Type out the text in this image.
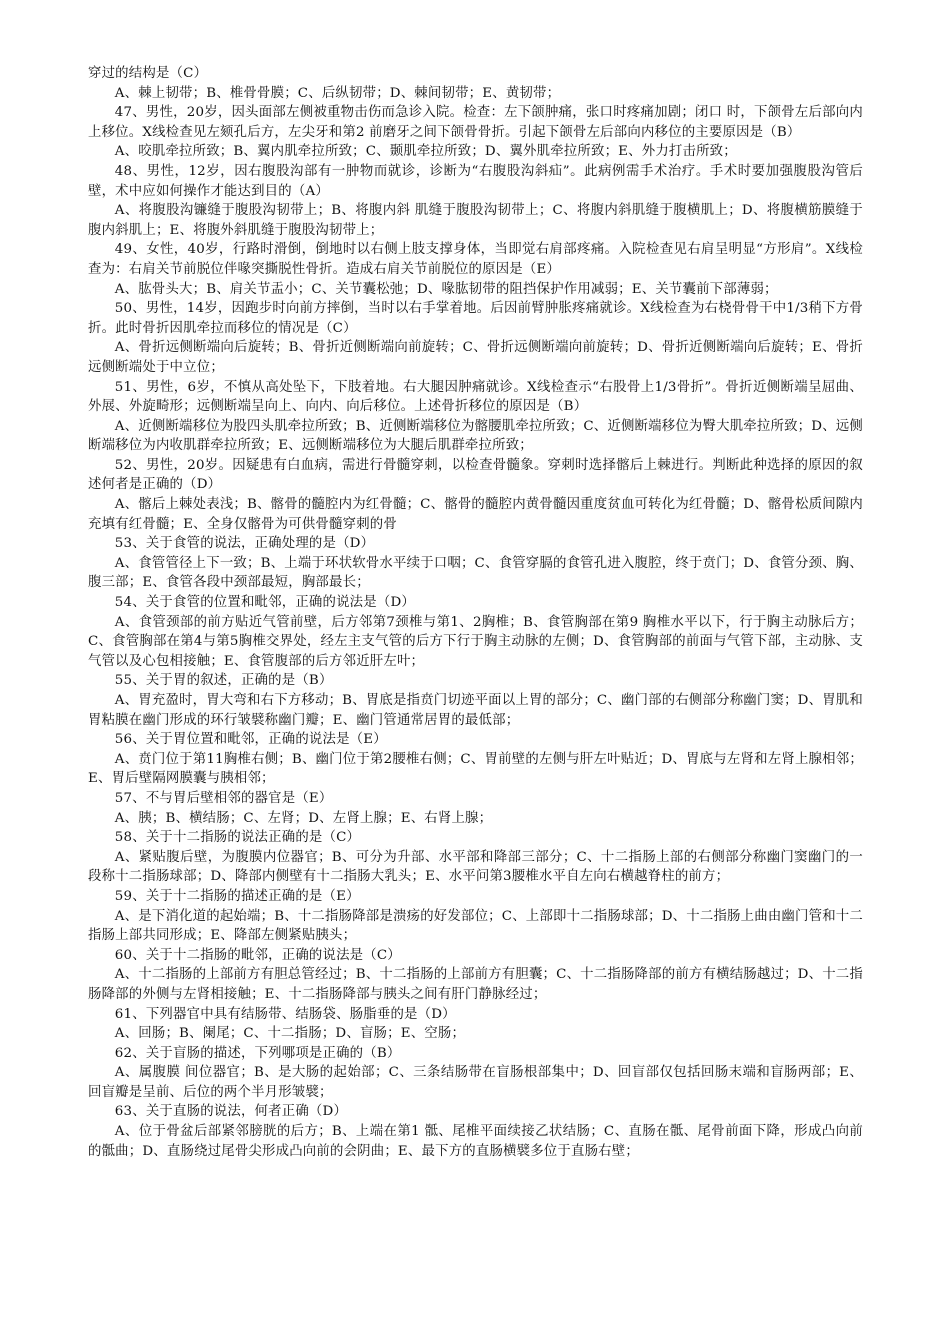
穿过的结构是（C）

A、棘上韧带；B、椎骨骨膜；C、后纵韧带；D、棘间韧带；E、黄韧带；

47、男性，20岁，因头面部左侧被重物击伤而急诊入院。检查：左下颌肿痛，张口时疼痛加剧；闭口 时，下颌骨左后部向内上移位。X线检查见左颏孔后方，左尖牙和第2 前磨牙之间下颌骨骨折。引起下颌骨左后部向内移位的主要原因是（B）

A、咬肌牵拉所致；B、翼内肌牵拉所致；C、颞肌牵拉所致；D、翼外肌牵拉所致；E、外力打击所致；

48、男性，12岁，因右腹股沟部有一肿物而就诊，诊断为“右腹股沟斜疝”。此病例需手术治疗。手术时要加强腹股沟管后壁，术中应如何操作才能达到目的（A）

A、将腹股沟镰缝于腹股沟韧带上；B、将腹内斜 肌缝于腹股沟韧带上；C、将腹内斜肌缝于腹横肌上；D、将腹横筋膜缝于腹内斜肌上；E、将腹外斜肌缝于腹股沟韧带上；

49、女性，40岁，行路时滑倒，倒地时以右侧上肢支撑身体，当即觉右肩部疼痛。入院检查见右肩呈明显“方形肩”。X线检查为：右肩关节前脱位伴喙突撕脱性骨折。造成右肩关节前脱位的原因是（E）

A、肱骨头大；B、肩关节盂小；C、关节囊松弛；D、喙肱韧带的阻挡保护作用减弱；E、关节囊前下部薄弱；

50、男性，14岁，因跑步时向前方摔倒，当时以右手掌着地。后因前臂肿胀疼痛就诊。X线检查为右桡骨骨干中1/3稍下方骨折。此时骨折因肌牵拉而移位的情况是（C）

A、骨折远侧断端向后旋转；B、骨折近侧断端向前旋转；C、骨折远侧断端向前旋转；D、骨折近侧断端向后旋转；E、骨折远侧断端处于中立位；

51、男性，6岁，不慎从高处坠下，下肢着地。右大腿因肿痛就诊。X线检查示“右股骨上1/3骨折”。骨折近侧断端呈屈曲、外展、外旋畸形；远侧断端呈向上、向内、向后移位。上述骨折移位的原因是（B）

A、近侧断端移位为股四头肌牵拉所致；B、近侧断端移位为髂腰肌牵拉所致；C、近侧断端移位为臀大肌牵拉所致；D、远侧断端移位为内收肌群牵拉所致；E、远侧断端移位为大腿后肌群牵拉所致；

52、男性，20岁。因疑患有白血病，需进行骨髓穿刺，以检查骨髓象。穿刺时选择髂后上棘进行。判断此种选择的原因的叙述何者是正确的（D）

A、髂后上棘处表浅；B、髂骨的髓腔内为红骨髓；C、髂骨的髓腔内黄骨髓因重度贫血可转化为红骨髓；D、髂骨松质间隙内充填有红骨髓；E、全身仅髂骨为可供骨髓穿刺的骨

53、关于食管的说法，正确处理的是（D）

A、食管管径上下一致；B、上端于环状软骨水平续于口咽；C、食管穿膈的食管孔进入腹腔，终于贲门；D、食管分颈、胸、腹三部；E、食管各段中颈部最短，胸部最长；

54、关于食管的位置和毗邻，正确的说法是（D）

A、食管颈部的前方贴近气管前壁，后方邻第7颈椎与第1、2胸椎；B、食管胸部在第9 胸椎水平以下，行于胸主动脉后方；C、食管胸部在第4与第5胸椎交界处，经左主支气管的后方下行于胸主动脉的左侧；D、食管胸部的前面与气管下部，主动脉、支气管以及心包相接触；E、食管腹部的后方邻近肝左叶；

55、关于胃的叙述，正确的是（B）

A、胃充盈时，胃大弯和右下方移动；B、胃底是指贲门切迹平面以上胃的部分；C、幽门部的右侧部分称幽门窦；D、胃肌和胃粘膜在幽门形成的环行皱襞称幽门瓣；E、幽门管通常居胃的最低部；

56、关于胃位置和毗邻，正确的说法是（E）

A、贲门位于第11胸椎右侧；B、幽门位于第2腰椎右侧；C、胃前壁的左侧与肝左叶贴近；D、胃底与左肾和左肾上腺相邻；E、胃后壁隔网膜囊与胰相邻；

57、不与胃后壁相邻的器官是（E）

A、胰；B、横结肠；C、左肾；D、左肾上腺；E、右肾上腺；

58、关于十二指肠的说法正确的是（C）

A、紧贴腹后壁，为腹膜内位器官；B、可分为升部、水平部和降部三部分；C、十二指肠上部的右侧部分称幽门窦幽门的一段称十二指肠球部；D、降部内侧壁有十二指肠大乳头；E、水平问第3腰椎水平自左向右横越脊柱的前方；

59、关于十二指肠的描述正确的是（E）

A、是下消化道的起始端；B、十二指肠降部是溃疡的好发部位；C、上部即十二指肠球部；D、十二指肠上曲由幽门管和十二指肠上部共同形成；E、降部左侧紧贴胰头；

60、关于十二指肠的毗邻，正确的说法是（C）

A、十二指肠的上部前方有胆总管经过；B、十二指肠的上部前方有胆囊；C、十二指肠降部的前方有横结肠越过；D、十二指肠降部的外侧与左肾相接触；E、十二指肠降部与胰头之间有肝门静脉经过；

61、下列器官中具有结肠带、结肠袋、肠脂垂的是（D）

A、回肠；B、阑尾；C、十二指肠；D、盲肠；E、空肠；

62、关于盲肠的描述，下列哪项是正确的（B）

A、属腹膜 间位器官；B、是大肠的起始部；C、三条结肠带在盲肠根部集中；D、回盲部仅包括回肠末端和盲肠两部；E、回盲瓣是呈前、后位的两个半月形皱襞；

63、关于直肠的说法，何者正确（D）

A、位于骨盆后部紧邻膀胱的后方；B、上端在第1 骶、尾椎平面续接乙状结肠；C、直肠在骶、尾骨前面下降，形成凸向前的骶曲；D、直肠绕过尾骨尖形成凸向前的会阴曲；E、最下方的直肠横襞多位于直肠右壁；
